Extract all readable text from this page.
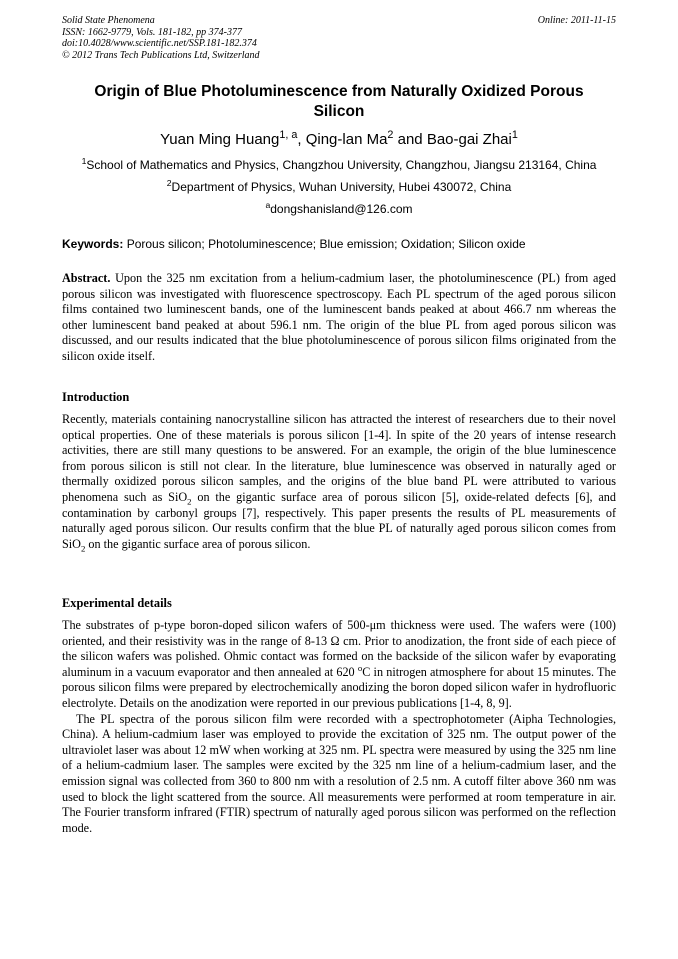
Solid State Phenomena
ISSN: 1662-9779, Vols. 181-182, pp 374-377
doi:10.4028/www.scientific.net/SSP.181-182.374
© 2012 Trans Tech Publications Ltd, Switzerland
Online: 2011-11-15
Origin of Blue Photoluminescence from Naturally Oxidized Porous Silicon
Yuan Ming Huang$^{1, a}$, Qing-lan Ma$^2$ and Bao-gai Zhai$^1$
$^1$School of Mathematics and Physics, Changzhou University, Changzhou, Jiangsu 213164, China
$^2$Department of Physics, Wuhan University, Hubei 430072, China
$^a$dongshanisland@126.com
Keywords: Porous silicon; Photoluminescence; Blue emission; Oxidation; Silicon oxide
Abstract. Upon the 325 nm excitation from a helium-cadmium laser, the photoluminescence (PL) from aged porous silicon was investigated with fluorescence spectroscopy. Each PL spectrum of the aged porous silicon films contained two luminescent bands, one of the luminescent bands peaked at about 466.7 nm whereas the other luminescent band peaked at about 596.1 nm. The origin of the blue PL from aged porous silicon was discussed, and our results indicated that the blue photoluminescence of porous silicon films originated from the silicon oxide itself.
Introduction
Recently, materials containing nanocrystalline silicon has attracted the interest of researchers due to their novel optical properties. One of these materials is porous silicon [1-4]. In spite of the 20 years of intense research activities, there are still many questions to be answered. For an example, the origin of the blue luminescence from porous silicon is still not clear. In the literature, blue luminescence was observed in naturally aged or thermally oxidized porous silicon samples, and the origins of the blue band PL were attributed to various phenomena such as SiO$_2$ on the gigantic surface area of porous silicon [5], oxide-related defects [6], and contamination by carbonyl groups [7], respectively. This paper presents the results of PL measurements of naturally aged porous silicon. Our results confirm that the blue PL of naturally aged porous silicon comes from SiO$_2$ on the gigantic surface area of porous silicon.
Experimental details
The substrates of p-type boron-doped silicon wafers of 500-μm thickness were used. The wafers were (100) oriented, and their resistivity was in the range of 8-13 Ω cm. Prior to anodization, the front side of each piece of the silicon wafers was polished. Ohmic contact was formed on the backside of the silicon wafer by evaporating aluminum in a vacuum evaporator and then annealed at 620 $^o$C in nitrogen atmosphere for about 15 minutes. The porous silicon films were prepared by electrochemically anodizing the boron doped silicon wafer in hydrofluoric electrolyte. Details on the anodization were reported in our previous publications [1-4, 8, 9].
The PL spectra of the porous silicon film were recorded with a spectrophotometer (Aipha Technologies, China). A helium-cadmium laser was employed to provide the excitation of 325 nm. The output power of the ultraviolet laser was about 12 mW when working at 325 nm. PL spectra were measured by using the 325 nm line of a helium-cadmium laser. The samples were excited by the 325 nm line of a helium-cadmium laser, and the emission signal was collected from 360 to 800 nm with a resolution of 2.5 nm. A cutoff filter above 360 nm was used to block the light scattered from the source. All measurements were performed at room temperature in air. The Fourier transform infrared (FTIR) spectrum of naturally aged porous silicon was performed on the reflection mode.
